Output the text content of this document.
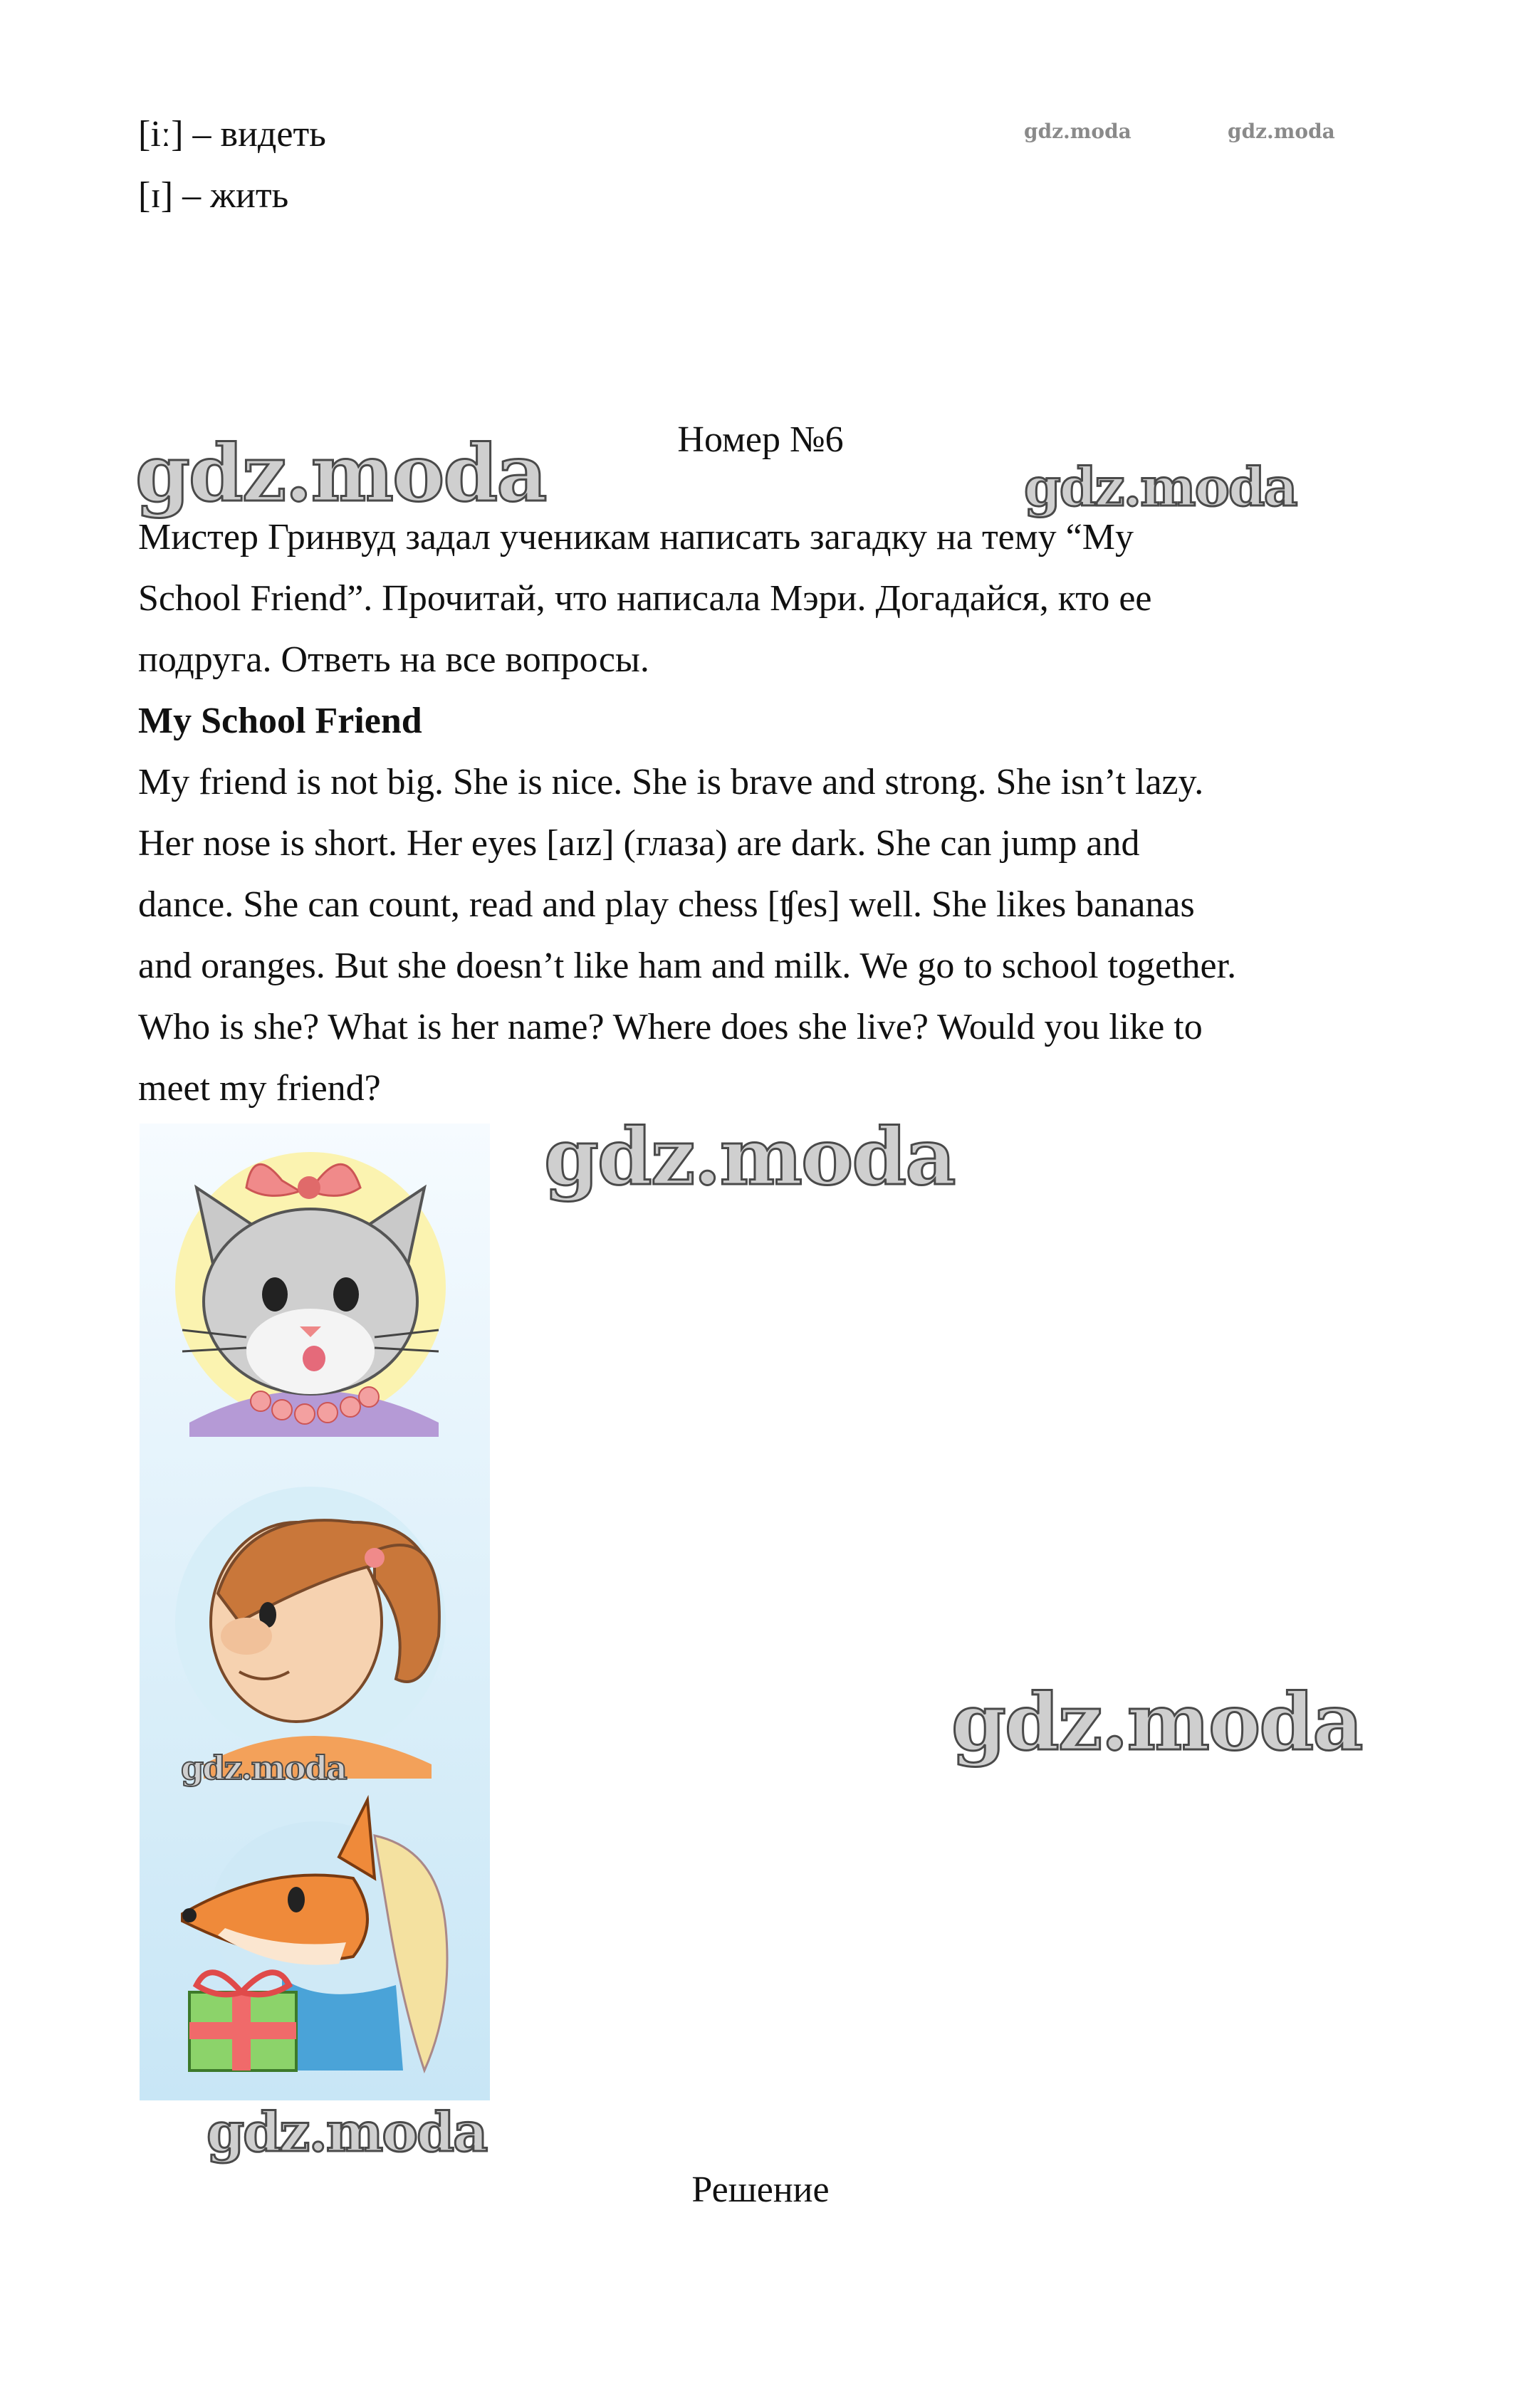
[iː] – видеть
[ɪ] – жить
gdz.moda	gdz.moda
gdz.moda	gdz.moda
Номер №6
Мистер Гринвуд задал ученикам написать загадку на тему “My
School Friend”. Прочитай, что написала Мэри. Догадайся, кто ее
подруга. Ответь на все вопросы.
My School Friend
My friend is not big. She is nice. She is brave and strong. She isn’t lazy.
Her nose is short. Her eyes [aɪz] (глаза) are dark. She can jump and
dance. She can count, read and play chess [ʧes] well. She likes bananas
and oranges. But she doesn’t like ham and milk. We go to school together.
Who is she? What is her name? Where does she live? Would you like to
meet my friend?
gdz.moda
gdz.moda	gdz.moda
gdz.moda
Решение
